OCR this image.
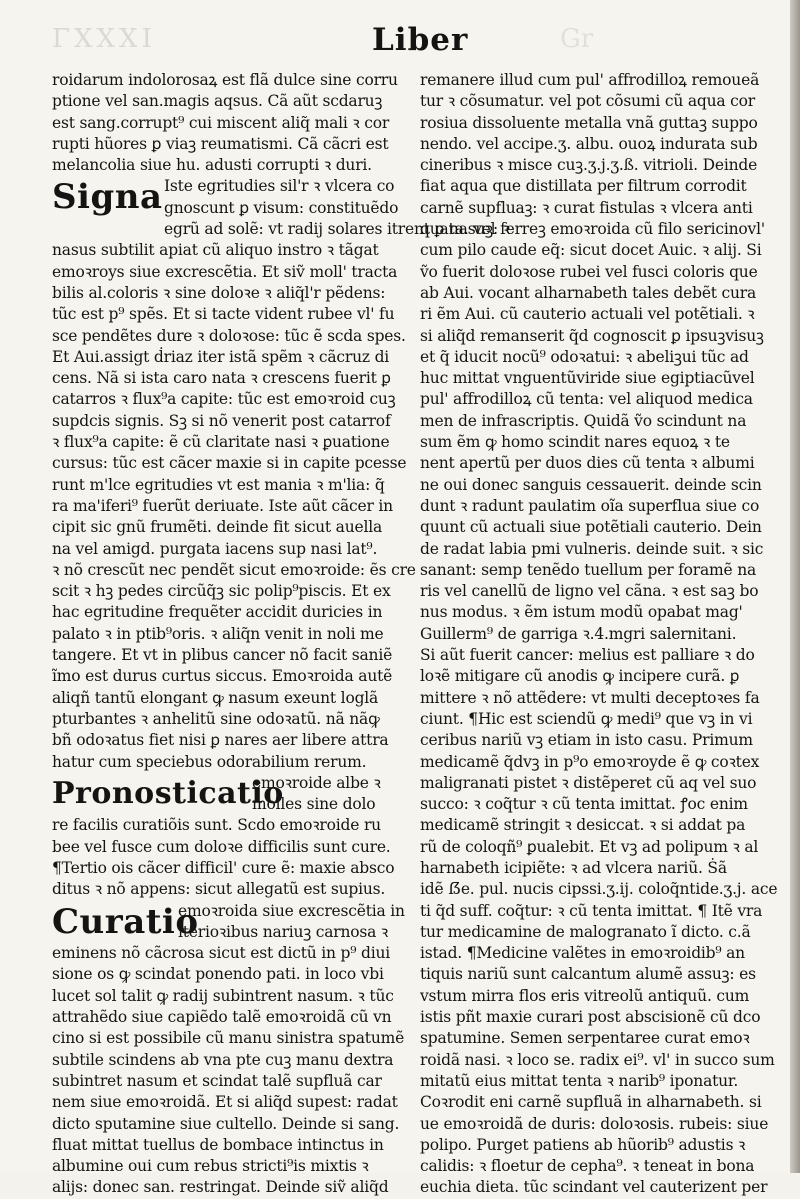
ΓXXXI	Gr
Liber
roidarum indolorosaꝝ est flã dulce sine corru
ptione vel san.magis aqsus. Cã aũt scdaruꝫ
est sang.corrupt⁹ cui miscent aliq̃ mali ꝛ cor
rupti hũores ꝑ viaꝫ reumatismi. Cã cãcri est
melancolia siue hu. adusti corrupti ꝛ duri.
Signa Iste egritudies sil'r ꝛ vlcera co
gnoscunt ꝑ visum: constituẽdo
egrũ ad solẽ: vt radij solares itrent ꝑ nasuꝫ: ꝛ
nasus subtilit apiat cũ aliquo instro ꝛ tãgat
emoꝛroys siue excrescẽtia. Et siṽ moll' tracta
bilis al.coloris ꝛ sine doloꝛe ꝛ aliq̃l'r pẽdens:
tũc est p⁹ spẽs. Et si tacte vident rubee vl' fu
sce pendẽtes dure ꝛ doloꝛose: tũc ẽ scda spes.
Et Aui.assigt ḋriaz iter istã spẽm ꝛ cãcruz di
cens. Nã si ista caro nata ꝛ crescens fuerit ꝑ
catarros ꝛ flux⁹a capite: tũc est emoꝛroid cuꝫ
supdcis signis. Sꝫ si nõ venerit post catarrof
ꝛ flux⁹a capite: ẽ cũ claritate nasi ꝛ ꝑuatione
cursus: tũc est cãcer maxie si in capite pcesse
runt m'lce egritudies vt est mania ꝛ m'lia: q̃
ra ma'iferi⁹ fuerũt deriuate. Iste aũt cãcer in
cipit sic gnũ frumẽti. deinde fit sicut auella
na vel amigd. purgata iacens sup nasi lat⁹.
ꝛ nõ crescũt nec pendẽt sicut emoꝛroide: ẽs cre
scit ꝛ hꝫ pedes circũq̃ꝫ sic polip⁹piscis. Et ex
hac egritudine frequẽter accidit duricies in
palato ꝛ in ptib⁹oris. ꝛ aliq̃n venit in noli me
tangere. Et vt in plibus cancer nõ facit saniẽ
ĩmo est durus curtus siccus. Emoꝛroida autẽ
aliqñ tantũ elongant ꝙ nasum exeunt loglã
pturbantes ꝛ anhelitũ sine odoꝛatũ. nã nãꝙ
bñ odoꝛatus fiet nisi ꝑ nares aer libere attra
hatur cum speciebus odorabilium rerum.
Pronosticatio
emoꝛroide albe ꝛ
molles sine dolo
re facilis curatiõis sunt. Scdo emoꝛroide ru
bee vel fusce cum doloꝛe difficilis sunt cure.
¶Tertio ois cãcer difficil' cure ẽ: maxie absco
ditus ꝛ nõ appens: sicut allegatũ est supius.
Curatio
emoꝛroida siue excrescẽtia in
iterioꝛibus nariuꝫ carnosa ꝛ
eminens nõ cãcrosa sicut est dictũ in p⁹ diui
sione os ꝙ scindat ponendo pati. in loco vbi
lucet sol talit ꝙ radij subintrent nasum. ꝛ tũc
attrahẽdo siue capiẽdo talẽ emoꝛroidã cũ vn
cino si est possibile cũ manu sinistra spatumẽ
subtile scindens ab vna pte cuꝫ manu dextra
subintret nasum et scindat talẽ supfluã car
nem siue emoꝛroidã. Et si aliq̃d supest: radat
dicto sputamine siue cultello. Deinde si sang.
fluat mittat tuellus de bombace intinctus in
albumine oui cum rebus stricti⁹is mixtis ꝛ
alijs: donec san. restringat. Deinde siṽ aliq̃d
remanere illud cum pul' affrodilloꝝ remoueã
tur ꝛ cõsumatur. vel pot cõsumi cũ aqua cor
rosiua dissoluente metalla vnã guttaꝫ suppo
nendo. vel accipe.ʒ. albu. ouoꝝ indurata sub
cineribus ꝛ misce cuꝫ.ʒ.j.ʒ.ß. vitrioli. Deinde
fiat aqua que distillata per filtrum corrodit
carnẽ supfluaꝫ: ꝛ curat fistulas ꝛ vlcera anti
quata. vel ferreꝫ emoꝛroida cũ filo sericinovl'
cum pilo caude eq̃: sicut docet Auic. ꝛ alij. Si
ṽo fuerit doloꝛose rubei vel fusci coloris que
ab Aui. vocant alharnabeth tales debẽt cura
ri ẽm Aui. cũ cauterio actuali vel potẽtiali. ꝛ
si aliq̃d remanserit q̃d cognoscit ꝑ ipsuꝫvisuꝫ
et q̃ iducit nocũ⁹ odoꝛatui: ꝛ abeliꝫui tũc ad
huc mittat vnguentũviride siue egiptiacũvel
pul' affrodilloꝝ cũ tenta: vel aliquod medica
men de infrascriptis. Quidã ṽo scindunt na
sum ẽm ꝙ homo scindit nares equoꝝ ꝛ te
nent apertũ per duos dies cũ tenta ꝛ albumi
ne oui donec sanguis cessauerit. deinde scin
dunt ꝛ radunt paulatim oĩa superflua siue co
quunt cũ actuali siue potẽtiali cauterio. Dein
de radat labia pmi vulneris. deinde suit. ꝛ sic
sanant: semp tenẽdo tuellum per foramẽ na
ris vel canellũ de ligno vel cãna. ꝛ est saꝫ bo
nus modus. ꝛ ẽm istum modũ opabat mag'
Guillerm⁹ de garriga ꝛ.4.mgri salernitani.
Si aũt fuerit cancer: melius est palliare ꝛ do
loꝛẽ mitigare cũ anodis ꝙ incipere curã. ꝑ
mittere ꝛ nõ attẽdere: vt multi deceptoꝛes fa
ciunt. ¶Hic est sciendũ ꝙ medi⁹ que vꝫ in vi
ceribus nariũ vꝫ etiam in isto casu. Primum
medicamẽ q̃dvꝫ in p⁹o emoꝛroyde ẽ ꝙ coꝛtex
maligranati pistet ꝛ distẽperet cũ aq vel suo
succo: ꝛ coq̃tur ꝛ cũ tenta imittat. ꝭoc enim
medicamẽ stringit ꝛ desiccat. ꝛ si addat pa
rũ de coloqñ⁹ ꝑualebit. Et vꝫ ad polipum ꝛ al
harnabeth icipiẽte: ꝛ ad vlcera nariũ. Ṡã
idẽ ẞe. pul. nucis cipssi.ʒ.ij. coloq̃ntide.ʒ.j. ace
ti q̃d suff. coq̃tur: ꝛ cũ tenta imittat. ¶ Itẽ vra
tur medicamine de malogranato ĩ dicto. c.ã
istad. ¶Medicine valẽtes in emoꝛroidib⁹ an
tiquis nariũ sunt calcantum alumẽ assuꝫ: es
vstum mirra flos eris vitreolũ antiquũ. cum
istis pñt maxie curari post abscisionẽ cũ dco
spatumine. Semen serpentaree curat emoꝛ
roidã nasi. ꝛ loco se. radix ei⁹. vl' in succo sum
mitatũ eius mittat tenta ꝛ narib⁹ iponatur.
Coꝛrodit eni carnẽ supfluã in alharnabeth. si
ue emoꝛroidã de duris: doloꝛosis. rubeis: siue
polipo. Purget patiens ab hũorib⁹ adustis ꝛ
calidis: ꝛ floetur de cepha⁹. ꝛ teneat in bona
euchia dieta. tũc scindant vel cauterizent per
